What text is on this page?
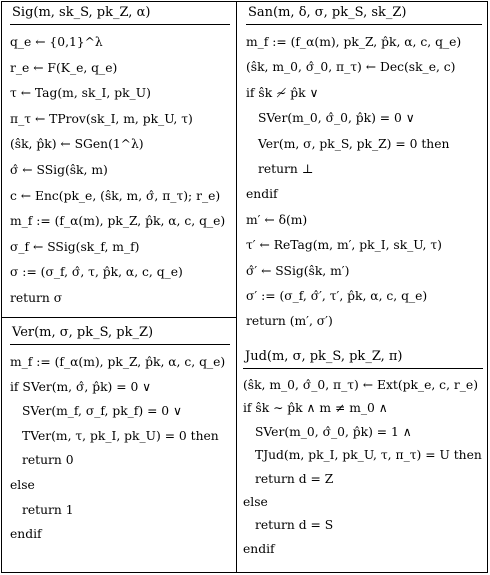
Sig(m, sk_S, pk_Z, α)
q_e ← {0,1}^λ
r_e ← F(K_e, q_e)
τ ← Tag(m, sk_I, pk_U)
π_τ ← TProv(sk_I, m, pk_U, τ)
(ŝk, p̂k) ← SGen(1^λ)
σ̂ ← SSig(ŝk, m)
c ← Enc(pk_e, (ŝk, m, σ̂, π_τ); r_e)
m_f := (f_α(m), pk_Z, p̂k, α, c, q_e)
σ_f ← SSig(sk_f, m_f)
σ := (σ_f, σ̂, τ, p̂k, α, c, q_e)
return σ
San(m, δ, σ, pk_S, sk_Z)
m_f := (f_α(m), pk_Z, p̂k, α, c, q_e)
(ŝk, m_0, σ̂_0, π_τ) ← Dec(sk_e, c)
if ŝk ≁ p̂k ∨
SVer(m_0, σ̂_0, p̂k) = 0 ∨
Ver(m, σ, pk_S, pk_Z) = 0 then
return ⊥
endif
m′ ← δ(m)
τ′ ← ReTag(m, m′, pk_I, sk_U, τ)
σ̂′ ← SSig(ŝk, m′)
σ′ := (σ_f, σ̂′, τ′, p̂k, α, c, q_e)
return (m′, σ′)
Ver(m, σ, pk_S, pk_Z)
m_f := (f_α(m), pk_Z, p̂k, α, c, q_e)
if SVer(m, σ̂, p̂k) = 0 ∨
SVer(m_f, σ_f, pk_f) = 0 ∨
TVer(m, τ, pk_I, pk_U) = 0 then
return 0
else
return 1
endif
Jud(m, σ, pk_S, pk_Z, π)
(ŝk, m_0, σ̂_0, π_τ) ← Ext(pk_e, c, r_e)
if ŝk ∼ p̂k ∧ m ≠ m_0 ∧
SVer(m_0, σ̂_0, p̂k) = 1 ∧
TJud(m, pk_I, pk_U, τ, π_τ) = U then
return d = Z
else
return d = S
endif
